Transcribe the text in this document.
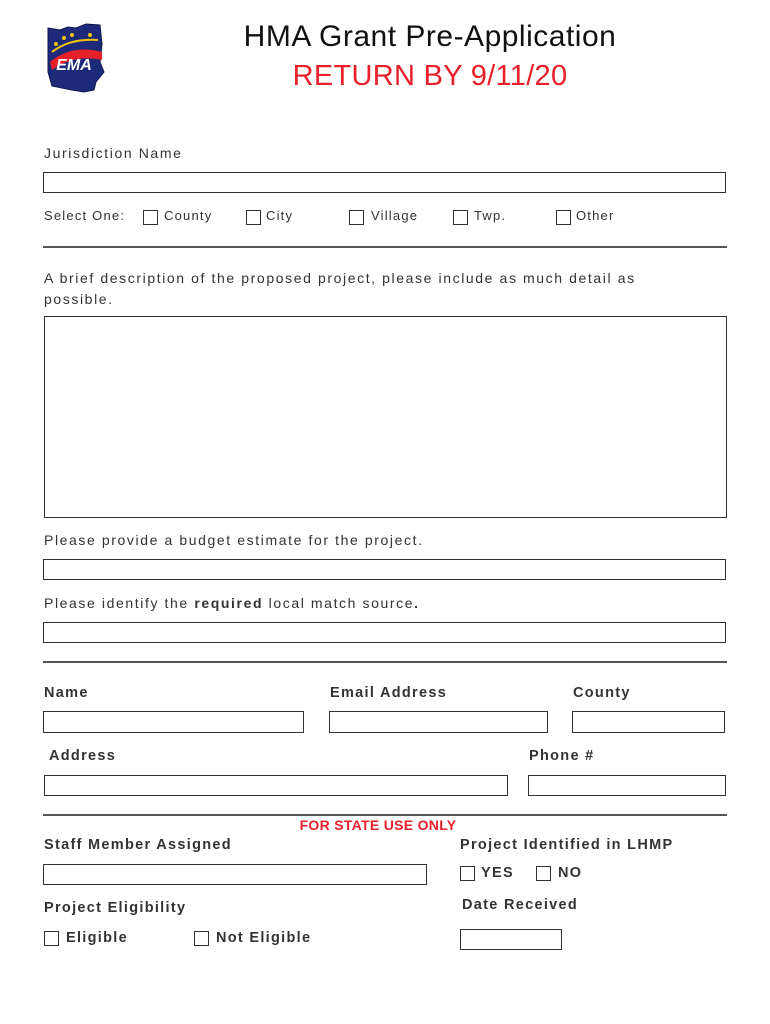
EMA
HMA Grant Pre-Application
RETURN BY 9/11/20
Jurisdiction Name
Select One:	County	City	Village	Twp.	Other
A brief description of the proposed project, please include as much detail as possible.
Please provide a budget estimate for the project.
Please identify the required local match source.
Name	Email Address	County
Address	Phone #
FOR STATE USE ONLY
Staff Member Assigned	Project Identified in LHMP
YES	NO
Project Eligibility
Eligible	Not Eligible
Date Received
